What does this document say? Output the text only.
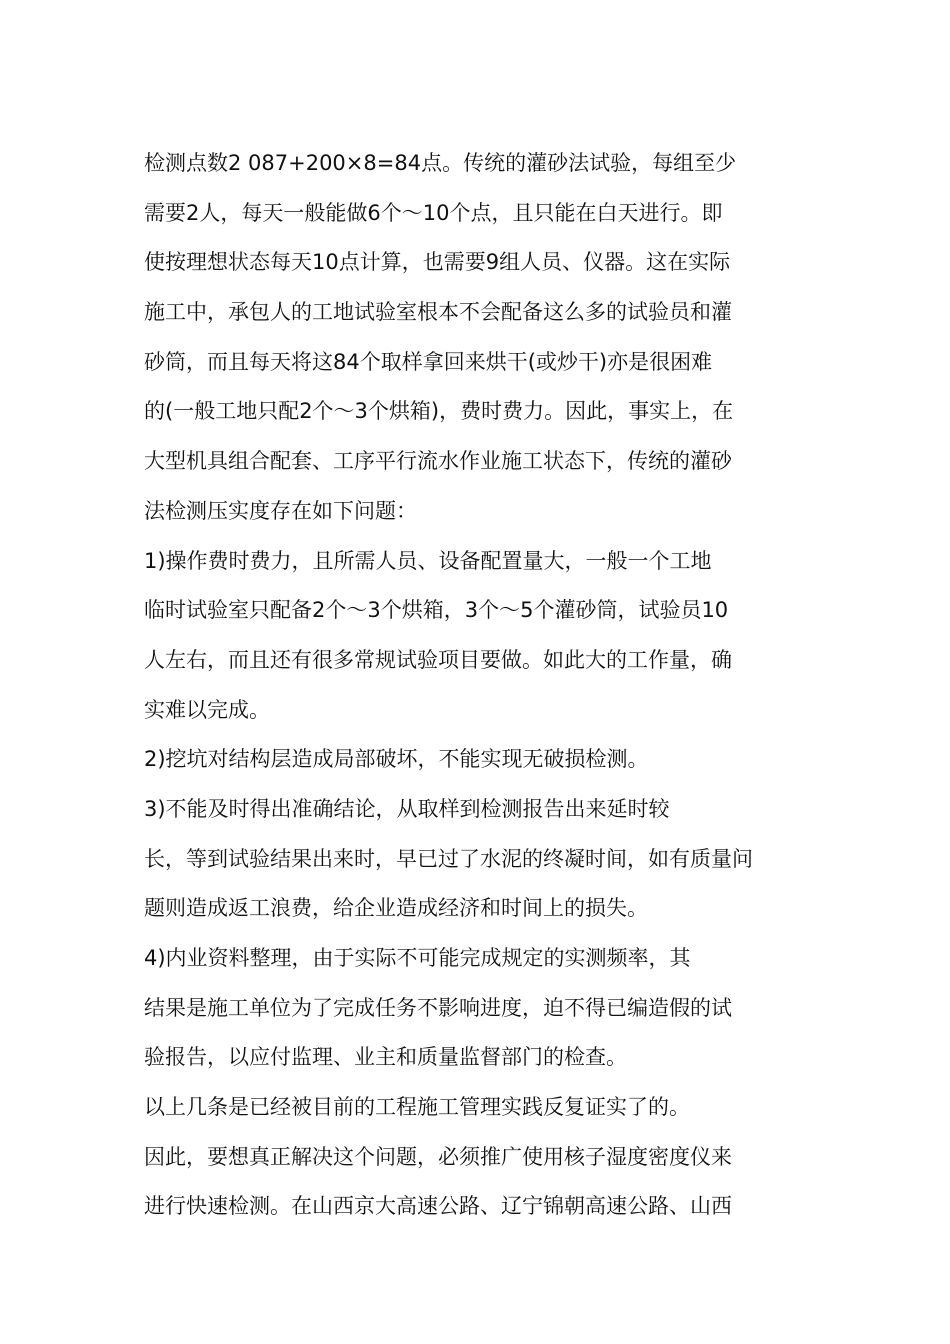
检测点数2 087+200×8=84点。传统的灌砂法试验，每组至少
需要2人，每天一般能做6个～10个点，且只能在白天进行。即
使按理想状态每天10点计算，也需要9组人员、仪器。这在实际
施工中，承包人的工地试验室根本不会配备这么多的试验员和灌
砂筒，而且每天将这84个取样拿回来烘干(或炒干)亦是很困难
的(一般工地只配2个～3个烘箱)，费时费力。因此，事实上，在
大型机具组合配套、工序平行流水作业施工状态下，传统的灌砂
法检测压实度存在如下问题：
1)操作费时费力，且所需人员、设备配置量大，一般一个工地
临时试验室只配备2个～3个烘箱，3个～5个灌砂筒，试验员10
人左右，而且还有很多常规试验项目要做。如此大的工作量，确
实难以完成。
2)挖坑对结构层造成局部破坏，不能实现无破损检测。
3)不能及时得出准确结论，从取样到检测报告出来延时较
长，等到试验结果出来时，早已过了水泥的终凝时间，如有质量问
题则造成返工浪费，给企业造成经济和时间上的损失。
4)内业资料整理，由于实际不可能完成规定的实测频率，其
结果是施工单位为了完成任务不影响进度，迫不得已编造假的试
验报告，以应付监理、业主和质量监督部门的检查。
以上几条是已经被目前的工程施工管理实践反复证实了的。
因此，要想真正解决这个问题，必须推广使用核子湿度密度仪来
进行快速检测。在山西京大高速公路、辽宁锦朝高速公路、山西
